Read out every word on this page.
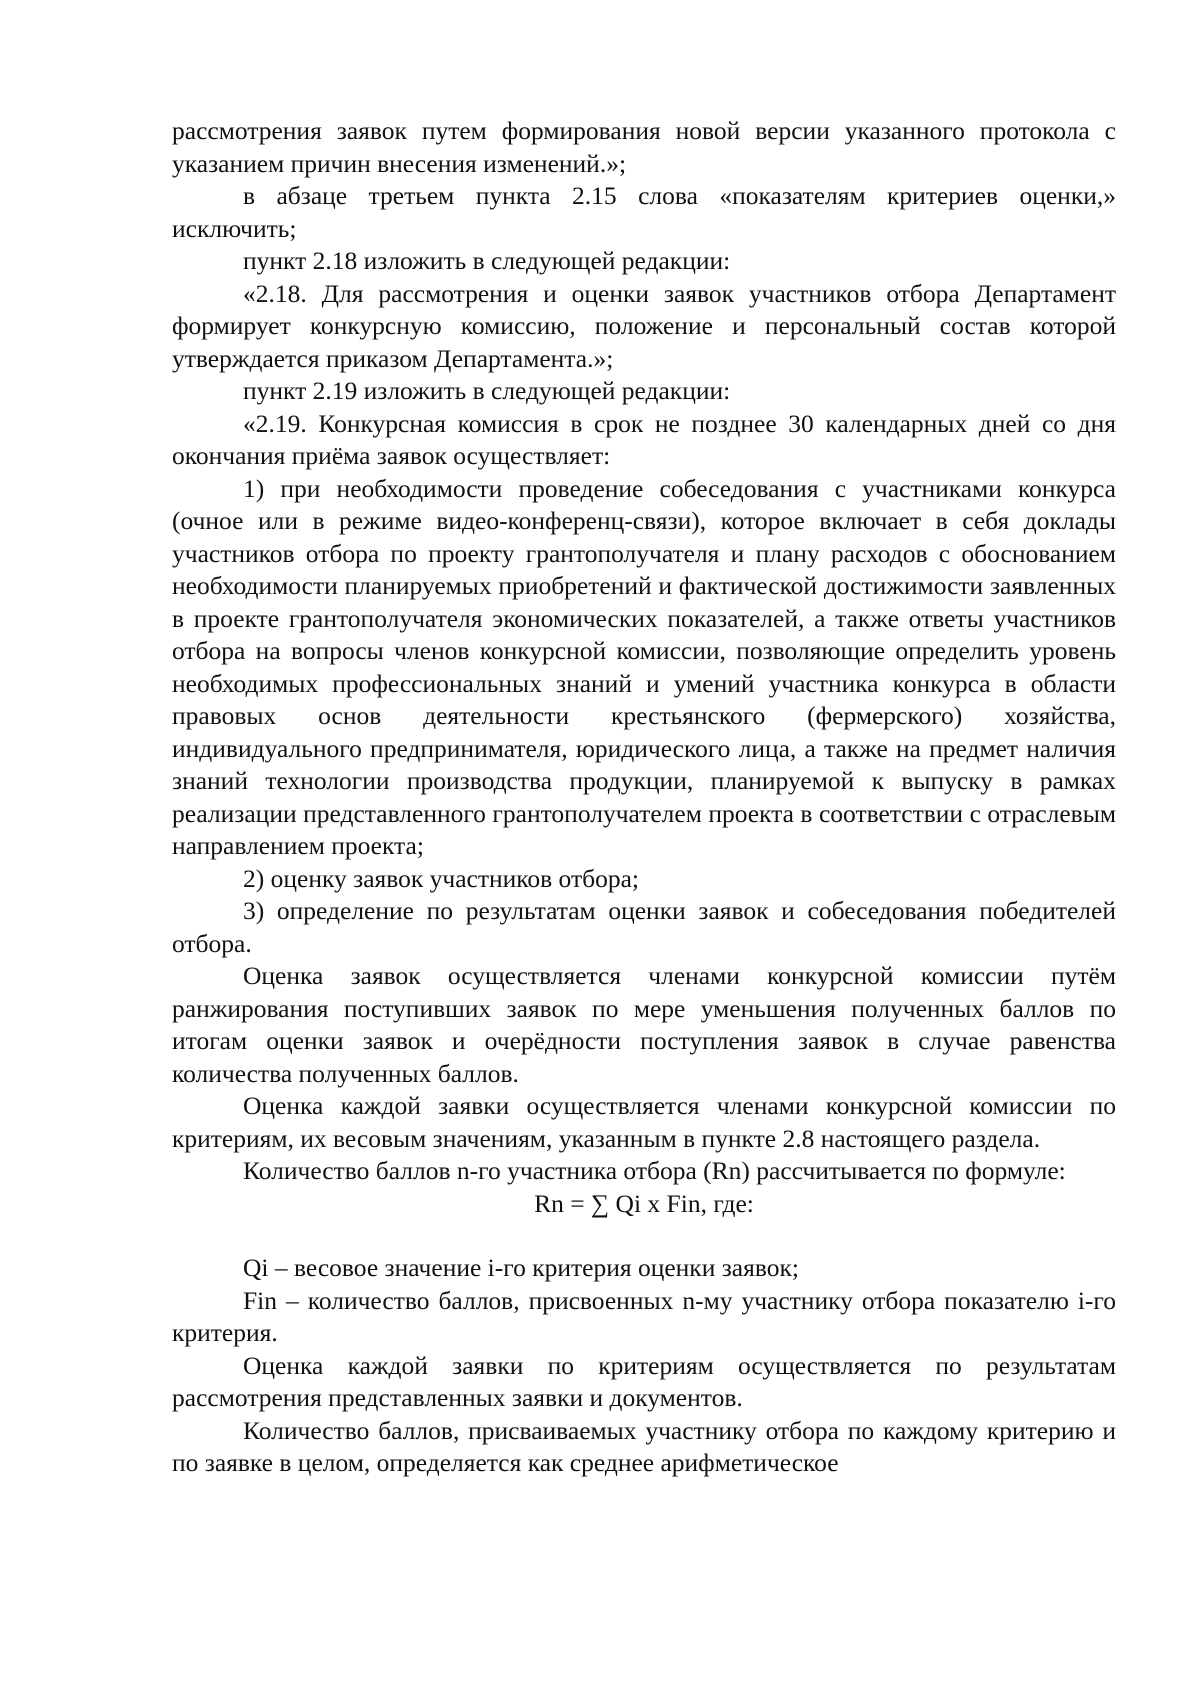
рассмотрения заявок путем формирования новой версии указанного протокола с указанием причин внесения изменений.»;

в абзаце третьем пункта 2.15 слова «показателям критериев оценки,» исключить;

пункт 2.18 изложить в следующей редакции:

«2.18. Для рассмотрения и оценки заявок участников отбора Департамент формирует конкурсную комиссию, положение и персональный состав которой утверждается приказом Департамента.»;

пункт 2.19 изложить в следующей редакции:

«2.19. Конкурсная комиссия в срок не позднее 30 календарных дней со дня окончания приёма заявок осуществляет:

1) при необходимости проведение собеседования с участниками конкурса (очное или в режиме видео-конференц-связи), которое включает в себя доклады участников отбора по проекту грантополучателя и плану расходов с обоснованием необходимости планируемых приобретений и фактической достижимости заявленных в проекте грантополучателя экономических показателей, а также ответы участников отбора на вопросы членов конкурсной комиссии, позволяющие определить уровень необходимых профессиональных знаний и умений участника конкурса в области правовых основ деятельности крестьянского (фермерского) хозяйства, индивидуального предпринимателя, юридического лица, а также на предмет наличия знаний технологии производства продукции, планируемой к выпуску в рамках реализации представленного грантополучателем проекта в соответствии с отраслевым направлением проекта;

2) оценку заявок участников отбора;

3) определение по результатам оценки заявок и собеседования победителей отбора.

Оценка заявок осуществляется членами конкурсной комиссии путём ранжирования поступивших заявок по мере уменьшения полученных баллов по итогам оценки заявок и очерёдности поступления заявок в случае равенства количества полученных баллов.

Оценка каждой заявки осуществляется членами конкурсной комиссии по критериям, их весовым значениям, указанным в пункте 2.8 настоящего раздела.

Количество баллов n-го участника отбора (Rn) рассчитывается по формуле:

Rn = ∑ Qi x Fin, где:

Qi – весовое значение i-го критерия оценки заявок;

Fin – количество баллов, присвоенных n-му участнику отбора показателю i-го критерия.

Оценка каждой заявки по критериям осуществляется по результатам рассмотрения представленных заявки и документов.

Количество баллов, присваиваемых участнику отбора по каждому критерию и по заявке в целом, определяется как среднее арифметическое
